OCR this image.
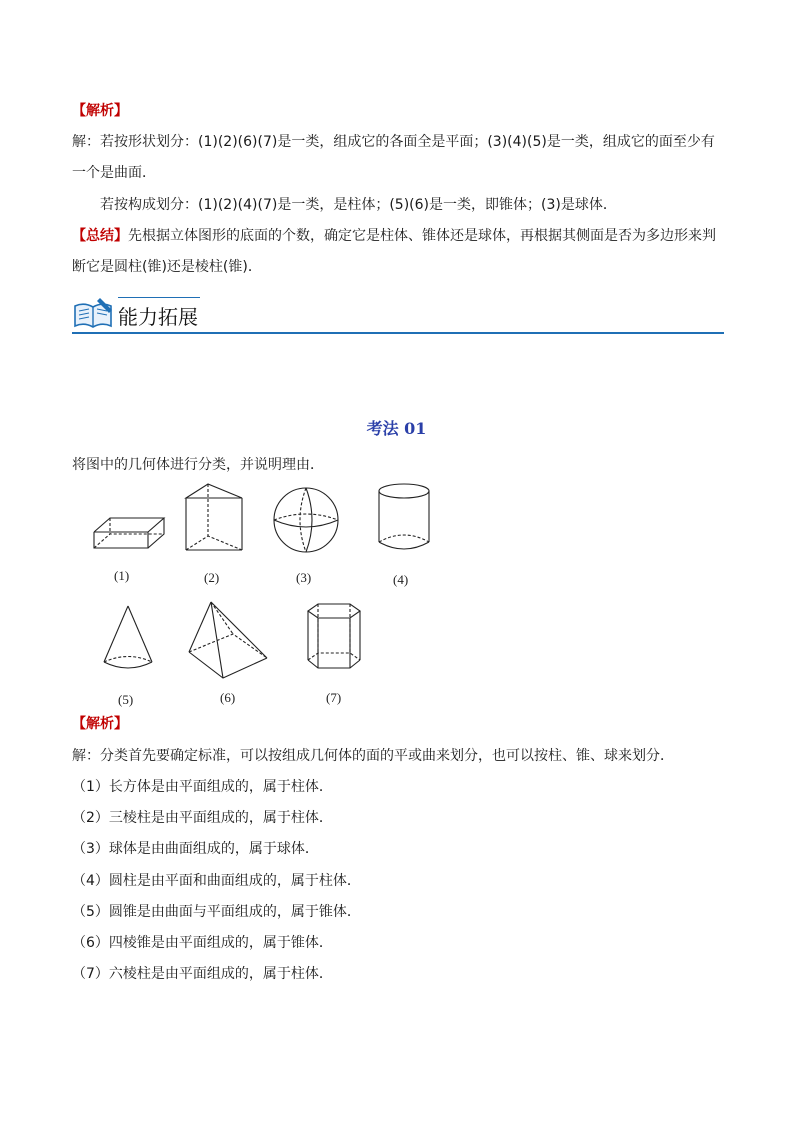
【解析】
解：若按形状划分：(1)(2)(6)(7)是一类，组成它的各面全是平面；(3)(4)(5)是一类，组成它的面至少有
一个是曲面．
若按构成划分：(1)(2)(4)(7)是一类，是柱体；(5)(6)是一类，即锥体；(3)是球体．
【总结】先根据立体图形的底面的个数，确定它是柱体、锥体还是球体，再根据其侧面是否为多边形来判
断它是圆柱(锥)还是棱柱(锥)．
能力拓展
考法 01
将图中的几何体进行分类，并说明理由．
(1)	(2)	(3)	(4)
(5)	(6)	(7)
【解析】
解：分类首先要确定标准，可以按组成几何体的面的平或曲来划分，也可以按柱、锥、球来划分．
（1）长方体是由平面组成的，属于柱体．
（2）三棱柱是由平面组成的，属于柱体．
（3）球体是由曲面组成的，属于球体．
（4）圆柱是由平面和曲面组成的，属于柱体．
（5）圆锥是由曲面与平面组成的，属于锥体．
（6）四棱锥是由平面组成的，属于锥体．
（7）六棱柱是由平面组成的，属于柱体．
